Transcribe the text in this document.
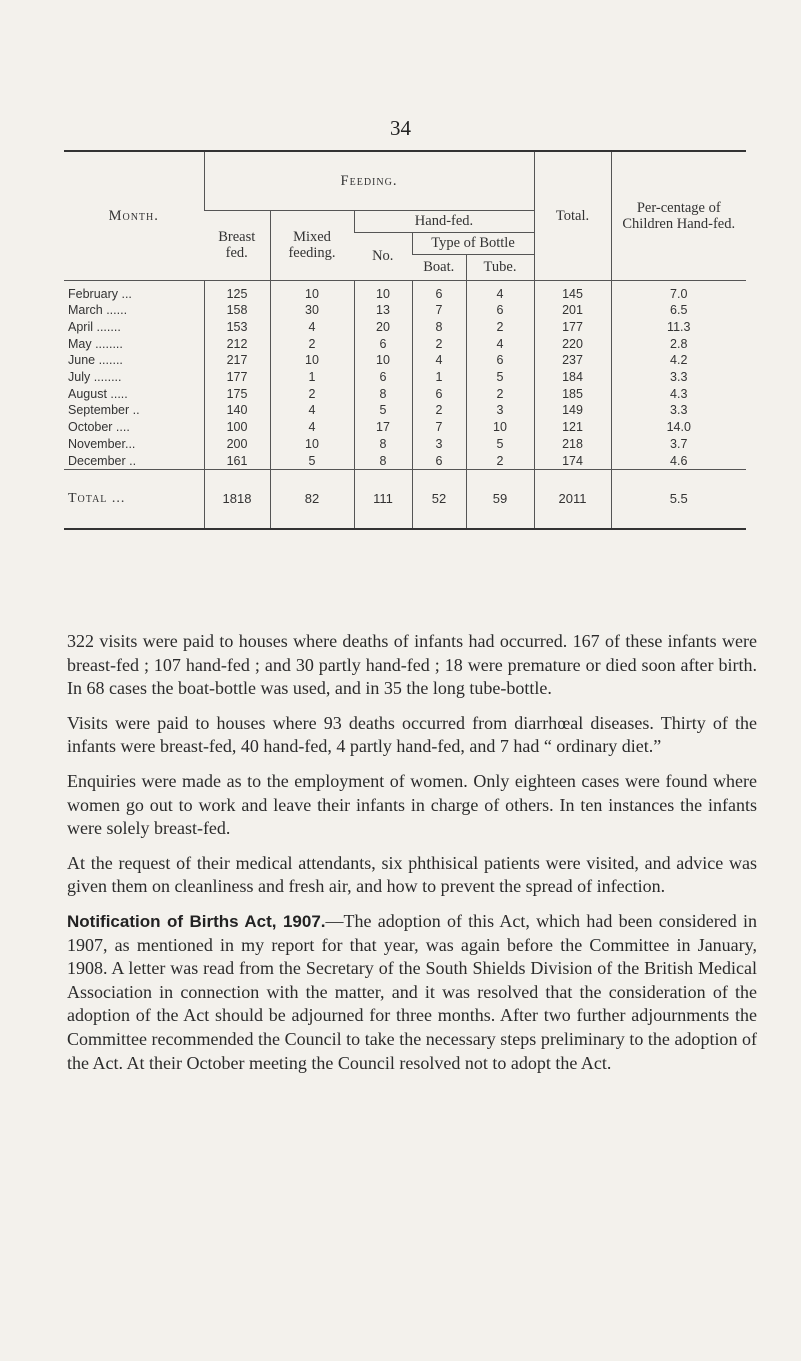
34
Month.	Feeding.					Total.	Per-centage of Children Hand-fed.
	Breast fed.	Mixed feeding.	Hand-fed.				
			No.	Type of Bottle			
				Boat.	Tube.		
February ...	125	10	10	6	4	145	7.0
March ......	158	30	13	7	6	201	6.5
April .......	153	4	20	8	2	177	11.3
May ........	212	2	6	2	4	220	2.8
June .......	217	10	10	4	6	237	4.2
July ........	177	1	6	1	5	184	3.3
August .....	175	2	8	6	2	185	4.3
September ..	140	4	5	2	3	149	3.3
October ....	100	4	17	7	10	121	14.0
November...	200	10	8	3	5	218	3.7
December ..	161	5	8	6	2	174	4.6
Total ...	1818	82	111	52	59	2011	5.5

322 visits were paid to houses where deaths of infants had occurred. 167 of these infants were breast-fed ; 107 hand-fed ; and 30 partly hand-fed ; 18 were premature or died soon after birth. In 68 cases the boat-bottle was used, and in 35 the long tube-bottle.

Visits were paid to houses where 93 deaths occurred from diarrhœal diseases. Thirty of the infants were breast-fed, 40 hand-fed, 4 partly hand-fed, and 7 had “ ordinary diet.”

Enquiries were made as to the employment of women. Only eighteen cases were found where women go out to work and leave their infants in charge of others. In ten instances the infants were solely breast-fed.

At the request of their medical attendants, six phthisical patients were visited, and advice was given them on cleanliness and fresh air, and how to prevent the spread of infection.

Notification of Births Act, 1907.—The adoption of this Act, which had been considered in 1907, as mentioned in my report for that year, was again before the Committee in January, 1908. A letter was read from the Secretary of the South Shields Division of the British Medical Association in connection with the matter, and it was resolved that the consideration of the adoption of the Act should be adjourned for three months. After two further adjournments the Committee recommended the Council to take the necessary steps preliminary to the adoption of the Act. At their October meeting the Council resolved not to adopt the Act.
